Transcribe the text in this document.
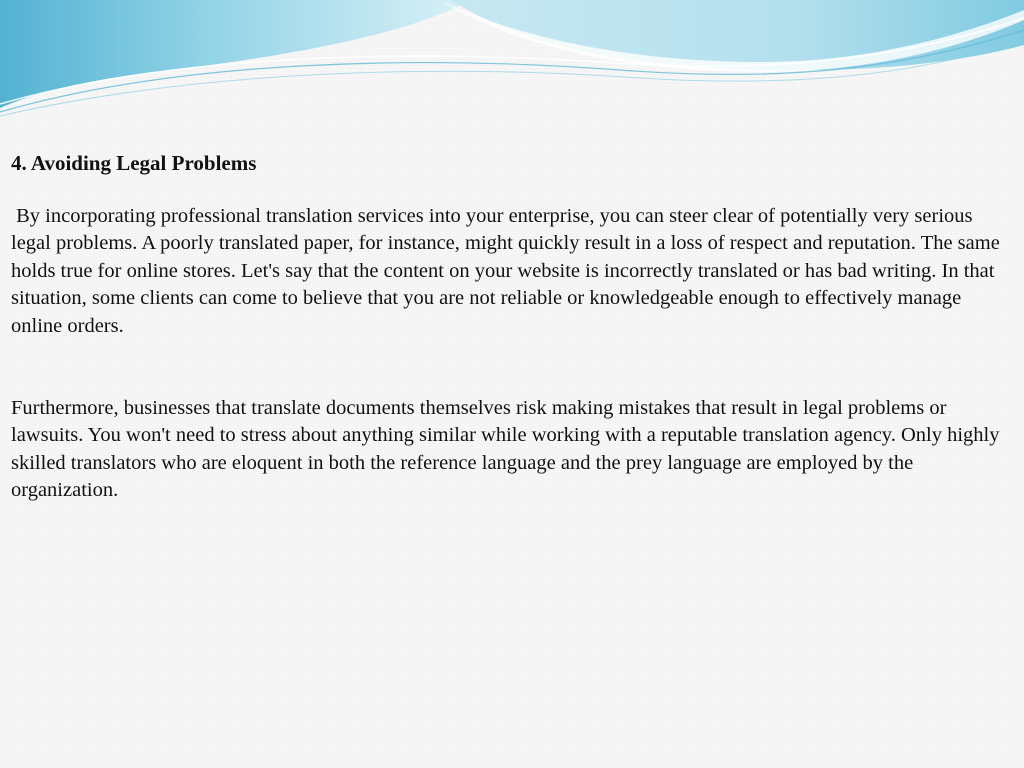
4. Avoiding Legal Problems

By incorporating professional translation services into your enterprise, you can steer clear of potentially very serious legal problems. A poorly translated paper, for instance, might quickly result in a loss of respect and reputation. The same holds true for online stores. Let's say that the content on your website is incorrectly translated or has bad writing. In that situation, some clients can come to believe that you are not reliable or knowledgeable enough to effectively manage online orders.

Furthermore, businesses that translate documents themselves risk making mistakes that result in legal problems or lawsuits. You won't need to stress about anything similar while working with a reputable translation agency. Only highly skilled translators who are eloquent in both the reference language and the prey language are employed by the organization.
